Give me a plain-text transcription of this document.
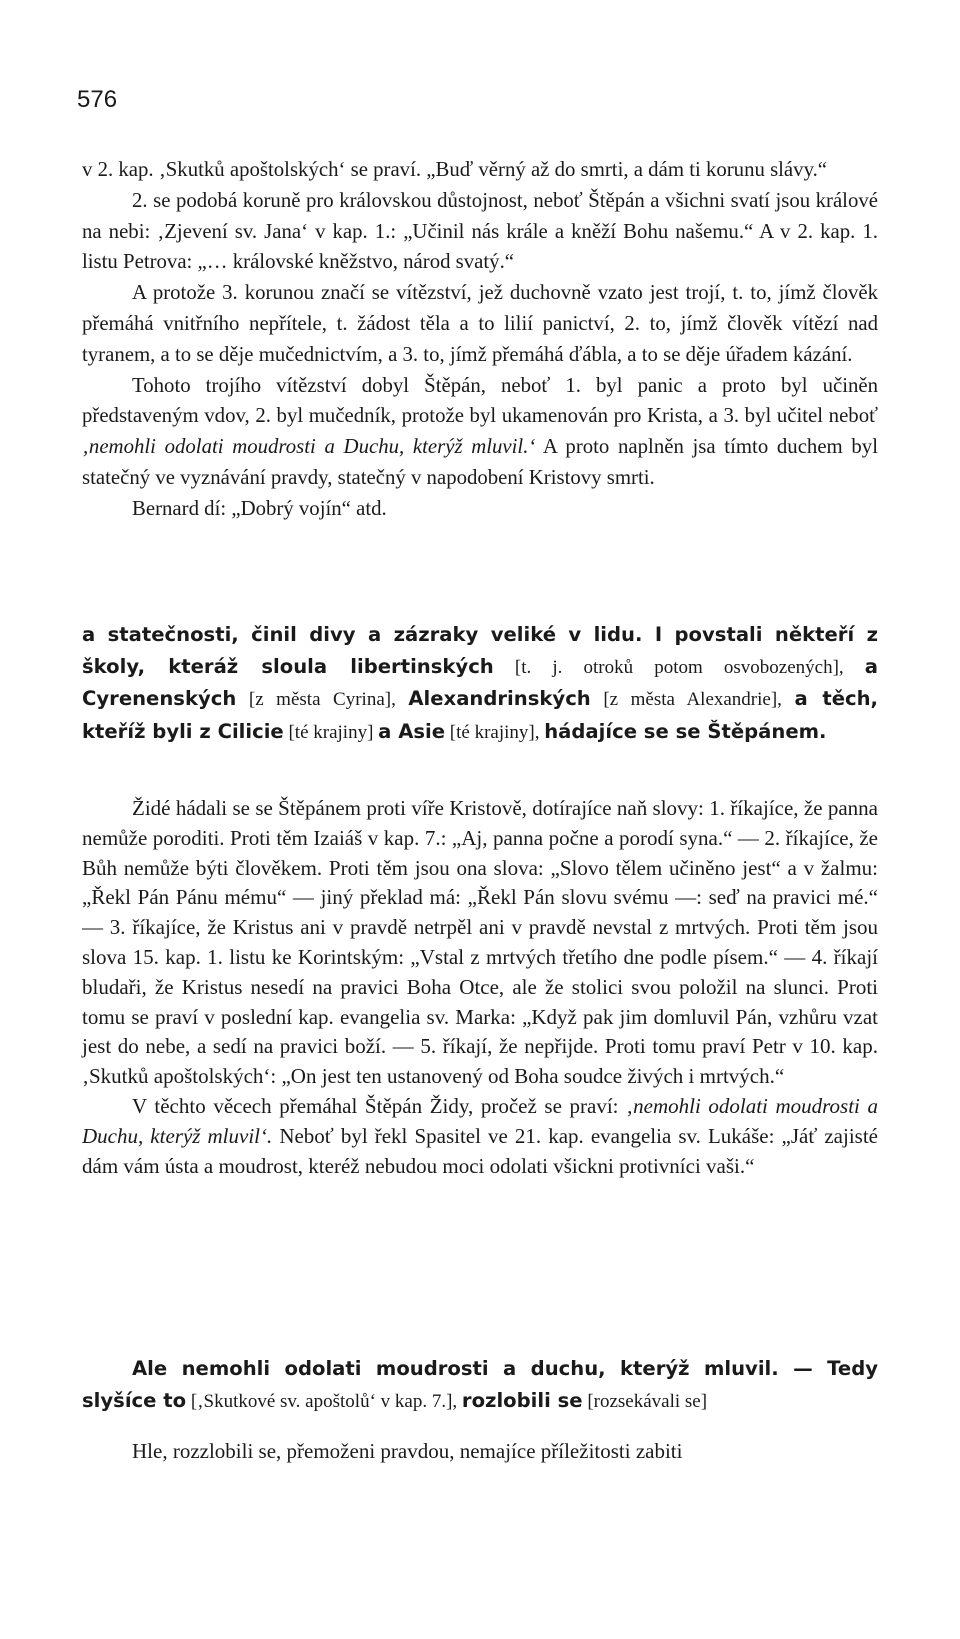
576

v 2. kap. ‚Skutků apoštolských‘ se praví. „Buď věrný až do smrti, a dám ti korunu slávy.“

2. se podobá koruně pro královskou důstojnost, neboť Štěpán a všichni svatí jsou králové na nebi: ‚Zjevení sv. Jana‘ v kap. 1.: „Učinil nás krále a kněží Bohu našemu.“ A v 2. kap. 1. listu Petrova: „… královské kněžstvo, národ svatý.“

A protože 3. korunou značí se vítězství, jež duchovně vzato jest trojí, t. to, jímž člověk přemáhá vnitřního nepřítele, t. žádost těla a to lilií panictví, 2. to, jímž člověk vítězí nad tyranem, a to se děje mučednictvím, a 3. to, jímž přemáhá ďábla, a to se děje úřadem kázání.

Tohoto trojího vítězství dobyl Štěpán, neboť 1. byl panic a proto byl učiněn představeným vdov, 2. byl mučedník, protože byl ukamenován pro Krista, a 3. byl učitel neboť ‚nemohli odolati moudrosti a Duchu, kterýž mluvil.‘ A proto naplněn jsa tímto duchem byl statečný ve vyznávání pravdy, statečný v napodobení Kristovy smrti.

Bernard dí: „Dobrý vojín“ atd.

a statečnosti, činil divy a zázraky veliké v lidu. I povstali někteří z školy, kteráž sloula libertinských [t. j. otroků potom osvobozených], a Cyrenenských [z města Cyrina], Alexandrinských [z města Alexandrie], a těch, kteříž byli z Cilicie [té krajiny] a Asie [té krajiny], hádajíce se se Štěpánem.

Židé hádali se se Štěpánem proti víře Kristově, dotírajíce naň slovy: 1. říkajíce, že panna nemůže poroditi. Proti těm Izaiáš v kap. 7.: „Aj, panna počne a porodí syna.“ — 2. říkajíce, že Bůh nemůže býti člověkem. Proti těm jsou ona slova: „Slovo tělem učiněno jest“ a v žalmu: „Řekl Pán Pánu mému“ — jiný překlad má: „Řekl Pán slovu svému —: seď na pravici mé.“ — 3. říkajíce, že Kristus ani v pravdě netrpěl ani v pravdě nevstal z mrtvých. Proti těm jsou slova 15. kap. 1. listu ke Korintským: „Vstal z mrtvých třetího dne podle písem.“ — 4. říkají bludaři, že Kristus nesedí na pravici Boha Otce, ale že stolici svou položil na slunci. Proti tomu se praví v poslední kap. evangelia sv. Marka: „Když pak jim domluvil Pán, vzhůru vzat jest do nebe, a sedí na pravici boží. — 5. říkají, že nepřijde. Proti tomu praví Petr v 10. kap. ‚Skutků apoštolských‘: „On jest ten ustanovený od Boha soudce živých i mrtvých.“

V těchto věcech přemáhal Štěpán Židy, pročež se praví: ‚nemohli odolati moudrosti a Duchu, kterýž mluvil‘. Neboť byl řekl Spasitel ve 21. kap. evangelia sv. Lukáše: „Jáť zajisté dám vám ústa a moudrost, kteréž nebudou moci odolati všickni protivníci vaši.“

Ale nemohli odolati moudrosti a duchu, kterýž mluvil. — Tedy slyšíce to [‚Skutkové sv. apoštolů‘ v kap. 7.], rozlobili se [rozsekávali se]

Hle, rozzlobili se, přemoženi pravdou, nemajíce příležitosti zabiti
